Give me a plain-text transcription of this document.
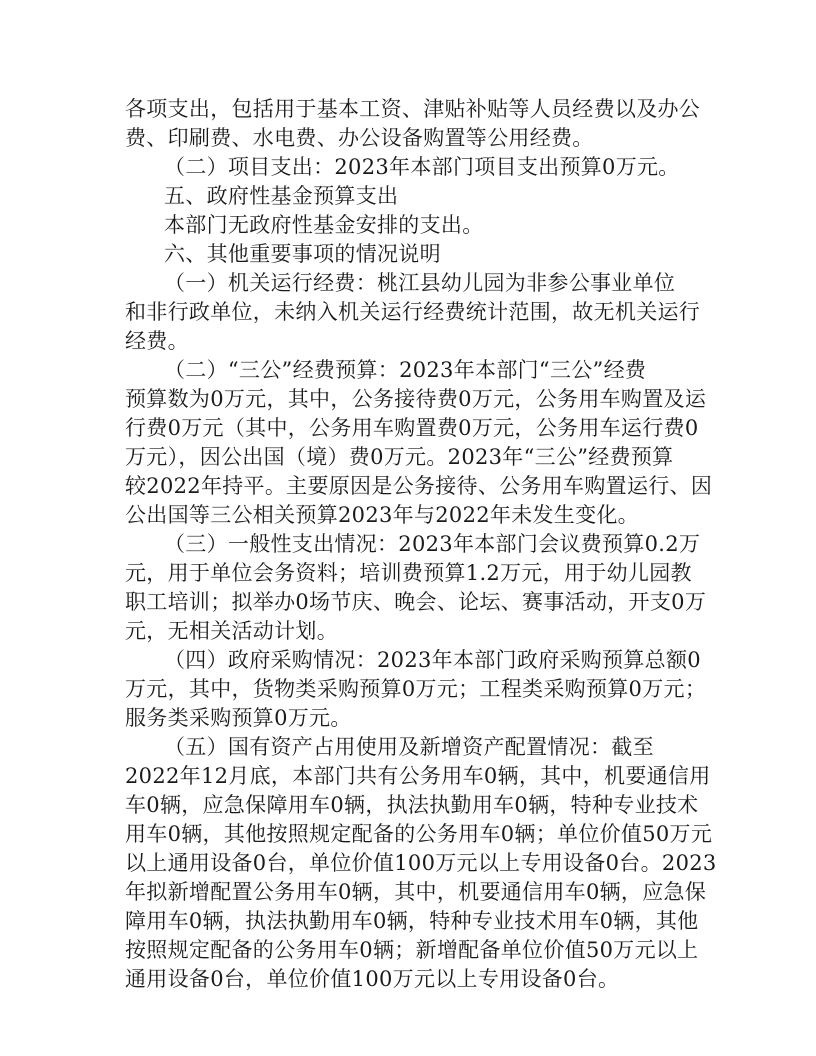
各项支出，包括用于基本工资、津贴补贴等人员经费以及办公
费、印刷费、水电费、办公设备购置等公用经费。
（二）项目支出：2023年本部门项目支出预算0万元。
五、政府性基金预算支出
本部门无政府性基金安排的支出。
六、其他重要事项的情况说明
（一）机关运行经费：桃江县幼儿园为非参公事业单位
和非行政单位，未纳入机关运行经费统计范围，故无机关运行
经费。
（二）“三公”经费预算：2023年本部门“三公”经费
预算数为0万元，其中，公务接待费0万元，公务用车购置及运
行费0万元（其中，公务用车购置费0万元，公务用车运行费0
万元），因公出国（境）费0万元。2023年“三公”经费预算
较2022年持平。主要原因是公务接待、公务用车购置运行、因
公出国等三公相关预算2023年与2022年未发生变化。
（三）一般性支出情况：2023年本部门会议费预算0.2万
元，用于单位会务资料；培训费预算1.2万元，用于幼儿园教
职工培训；拟举办0场节庆、晚会、论坛、赛事活动，开支0万
元，无相关活动计划。
（四）政府采购情况：2023年本部门政府采购预算总额0
万元，其中，货物类采购预算0万元；工程类采购预算0万元；
服务类采购预算0万元。
（五）国有资产占用使用及新增资产配置情况：截至
2022年12月底，本部门共有公务用车0辆，其中，机要通信用
车0辆，应急保障用车0辆，执法执勤用车0辆，特种专业技术
用车0辆，其他按照规定配备的公务用车0辆；单位价值50万元
以上通用设备0台，单位价值100万元以上专用设备0台。2023
年拟新增配置公务用车0辆，其中，机要通信用车0辆，应急保
障用车0辆，执法执勤用车0辆，特种专业技术用车0辆，其他
按照规定配备的公务用车0辆；新增配备单位价值50万元以上
通用设备0台，单位价值100万元以上专用设备0台。
